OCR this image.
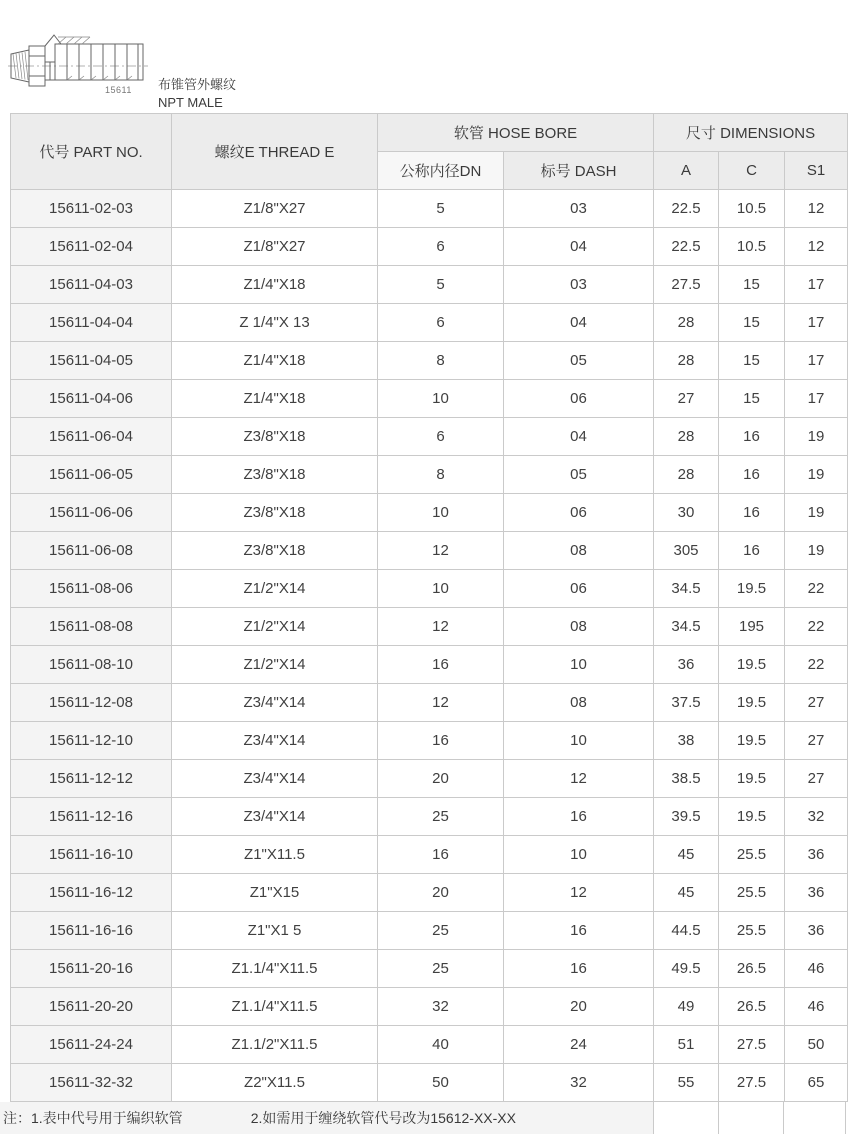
15611 布锥管外螺纹
NPT MALE
代号 PART NO.	螺纹E THREAD E	软管 HOSE BORE		尺寸 DIMENSIONS		
		公称内径DN	标号 DASH	A	C	S1
15611-02-03	Z1/8"X27	5	03	22.5	10.5	12
15611-02-04	Z1/8"X27	6	04	22.5	10.5	12
15611-04-03	Z1/4"X18	5	03	27.5	15	17
15611-04-04	Z 1/4"X 13	6	04	28	15	17
15611-04-05	Z1/4"X18	8	05	28	15	17
15611-04-06	Z1/4"X18	10	06	27	15	17
15611-06-04	Z3/8"X18	6	04	28	16	19
15611-06-05	Z3/8"X18	8	05	28	16	19
15611-06-06	Z3/8"X18	10	06	30	16	19
15611-06-08	Z3/8"X18	12	08	305	16	19
15611-08-06	Z1/2"X14	10	06	34.5	19.5	22
15611-08-08	Z1/2"X14	12	08	34.5	195	22
15611-08-10	Z1/2"X14	16	10	36	19.5	22
15611-12-08	Z3/4"X14	12	08	37.5	19.5	27
15611-12-10	Z3/4"X14	16	10	38	19.5	27
15611-12-12	Z3/4"X14	20	12	38.5	19.5	27
15611-12-16	Z3/4"X14	25	16	39.5	19.5	32
15611-16-10	Z1"X11.5	16	10	45	25.5	36
15611-16-12	Z1"X15	20	12	45	25.5	36
15611-16-16	Z1"X1 5	25	16	44.5	25.5	36
15611-20-16	Z1.1/4"X11.5	25	16	49.5	26.5	46
15611-20-20	Z1.1/4"X11.5	32	20	49	26.5	46
15611-24-24	Z1.1/2"X11.5	40	24	51	27.5	50
15611-32-32	Z2"X11.5	50	32	55	27.5	65
注：1.表中代号用于编织软管	2.如需用于缠绕软管代号改为15612-XX-XX
